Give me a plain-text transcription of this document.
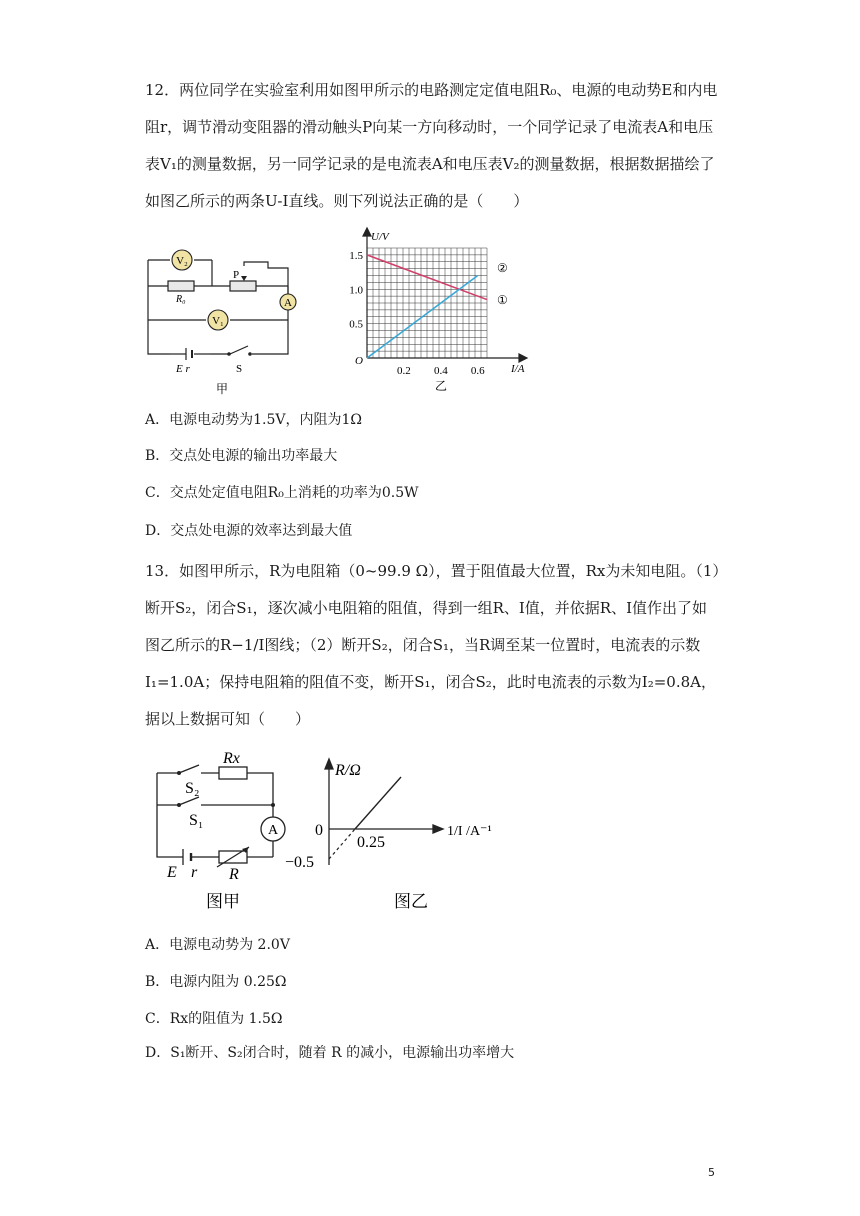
12．两位同学在实验室利用如图甲所示的电路测定定值电阻R₀、电源的电动势E和内电阻r，调节滑动变阻器的滑动触头P向某一方向移动时，一个同学记录了电流表A和电压表V₁的测量数据，另一同学记录的是电流表A和电压表V₂的测量数据，根据数据描绘了如图乙所示的两条U-I直线。则下列说法正确的是（　　）
V₂
A
V₁
P
R₀
E r	S
甲
1.5
1.0
0.5
0.2 0.4 0.6
U/V
I/A
O
②
①
乙
A．电源电动势为1.5V，内阻为1Ω
B．交点处电源的输出功率最大
C．交点处定值电阻R₀上消耗的功率为0.5W
D．交点处电源的效率达到最大值
13．如图甲所示，R为电阻箱（0~99.9 Ω），置于阻值最大位置，Rx为未知电阻。（1）断开S₂，闭合S₁，逐次减小电阻箱的阻值，得到一组R、I值，并依据R、I值作出了如图乙所示的R−1/I图线；（2）断开S₂，闭合S₁，当R调至某一位置时，电流表的示数I₁=1.0A；保持电阻箱的阻值不变，断开S₁，闭合S₂，此时电流表的示数为I₂=0.8A，据以上数据可知（　　）
A
Rx
S₂
S₁
E r R
图甲
R/Ω
0
0.25
−0.5
1/I /A⁻¹
图乙
A．电源电动势为 2.0V
B．电源内阻为 0.25Ω
C．Rx的阻值为 1.5Ω
D．S₁断开、S₂闭合时，随着 R 的减小，电源输出功率增大
5
